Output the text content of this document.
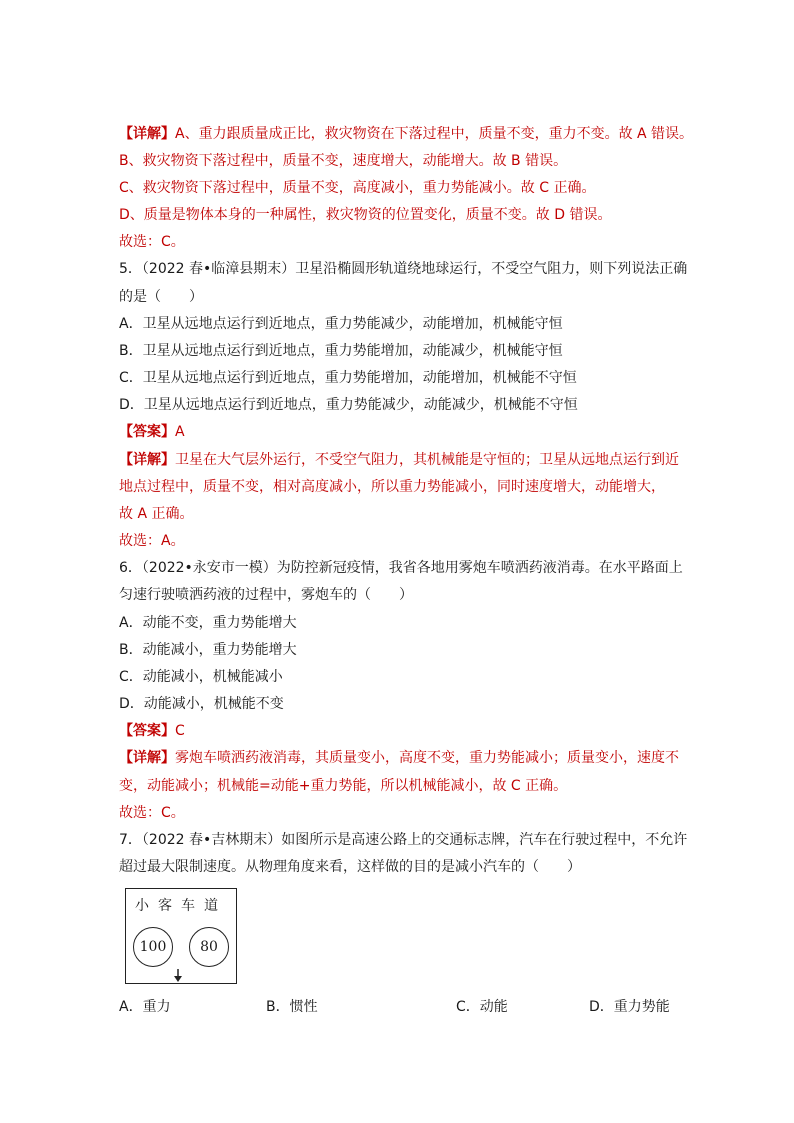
【详解】A、重力跟质量成正比，救灾物资在下落过程中，质量不变，重力不变。故 A 错误。
B、救灾物资下落过程中，质量不变，速度增大，动能增大。故 B 错误。
C、救灾物资下落过程中，质量不变，高度减小，重力势能减小。故 C 正确。
D、质量是物体本身的一种属性，救灾物资的位置变化，质量不变。故 D 错误。
故选：C。
5．（2022 春•临漳县期末）卫星沿椭圆形轨道绕地球运行，不受空气阻力，则下列说法正确
的是（　　）
A．卫星从远地点运行到近地点，重力势能减少，动能增加，机械能守恒
B．卫星从远地点运行到近地点，重力势能增加，动能减少，机械能守恒
C．卫星从远地点运行到近地点，重力势能增加，动能增加，机械能不守恒
D．卫星从远地点运行到近地点，重力势能减少，动能减少，机械能不守恒
【答案】A
【详解】卫星在大气层外运行，不受空气阻力，其机械能是守恒的；卫星从远地点运行到近
地点过程中，质量不变，相对高度减小，所以重力势能减小，同时速度增大，动能增大，
故 A 正确。
故选：A。
6．（2022•永安市一模）为防控新冠疫情，我省各地用雾炮车喷洒药液消毒。在水平路面上
匀速行驶喷洒药液的过程中，雾炮车的（　　）
A．动能不变，重力势能增大
B．动能减小，重力势能增大
C．动能减小，机械能减小
D．动能减小，机械能不变
【答案】C
【详解】雾炮车喷洒药液消毒，其质量变小，高度不变，重力势能减小；质量变小，速度不
变，动能减小；机械能=动能+重力势能，所以机械能减小，故 C 正确。
故选：C。
7．（2022 春•吉林期末）如图所示是高速公路上的交通标志牌，汽车在行驶过程中，不允许
超过最大限制速度。从物理角度来看，这样做的目的是减小汽车的（　　）
小客车道
100 80
A．重力	B．惯性	C．动能	D．重力势能
